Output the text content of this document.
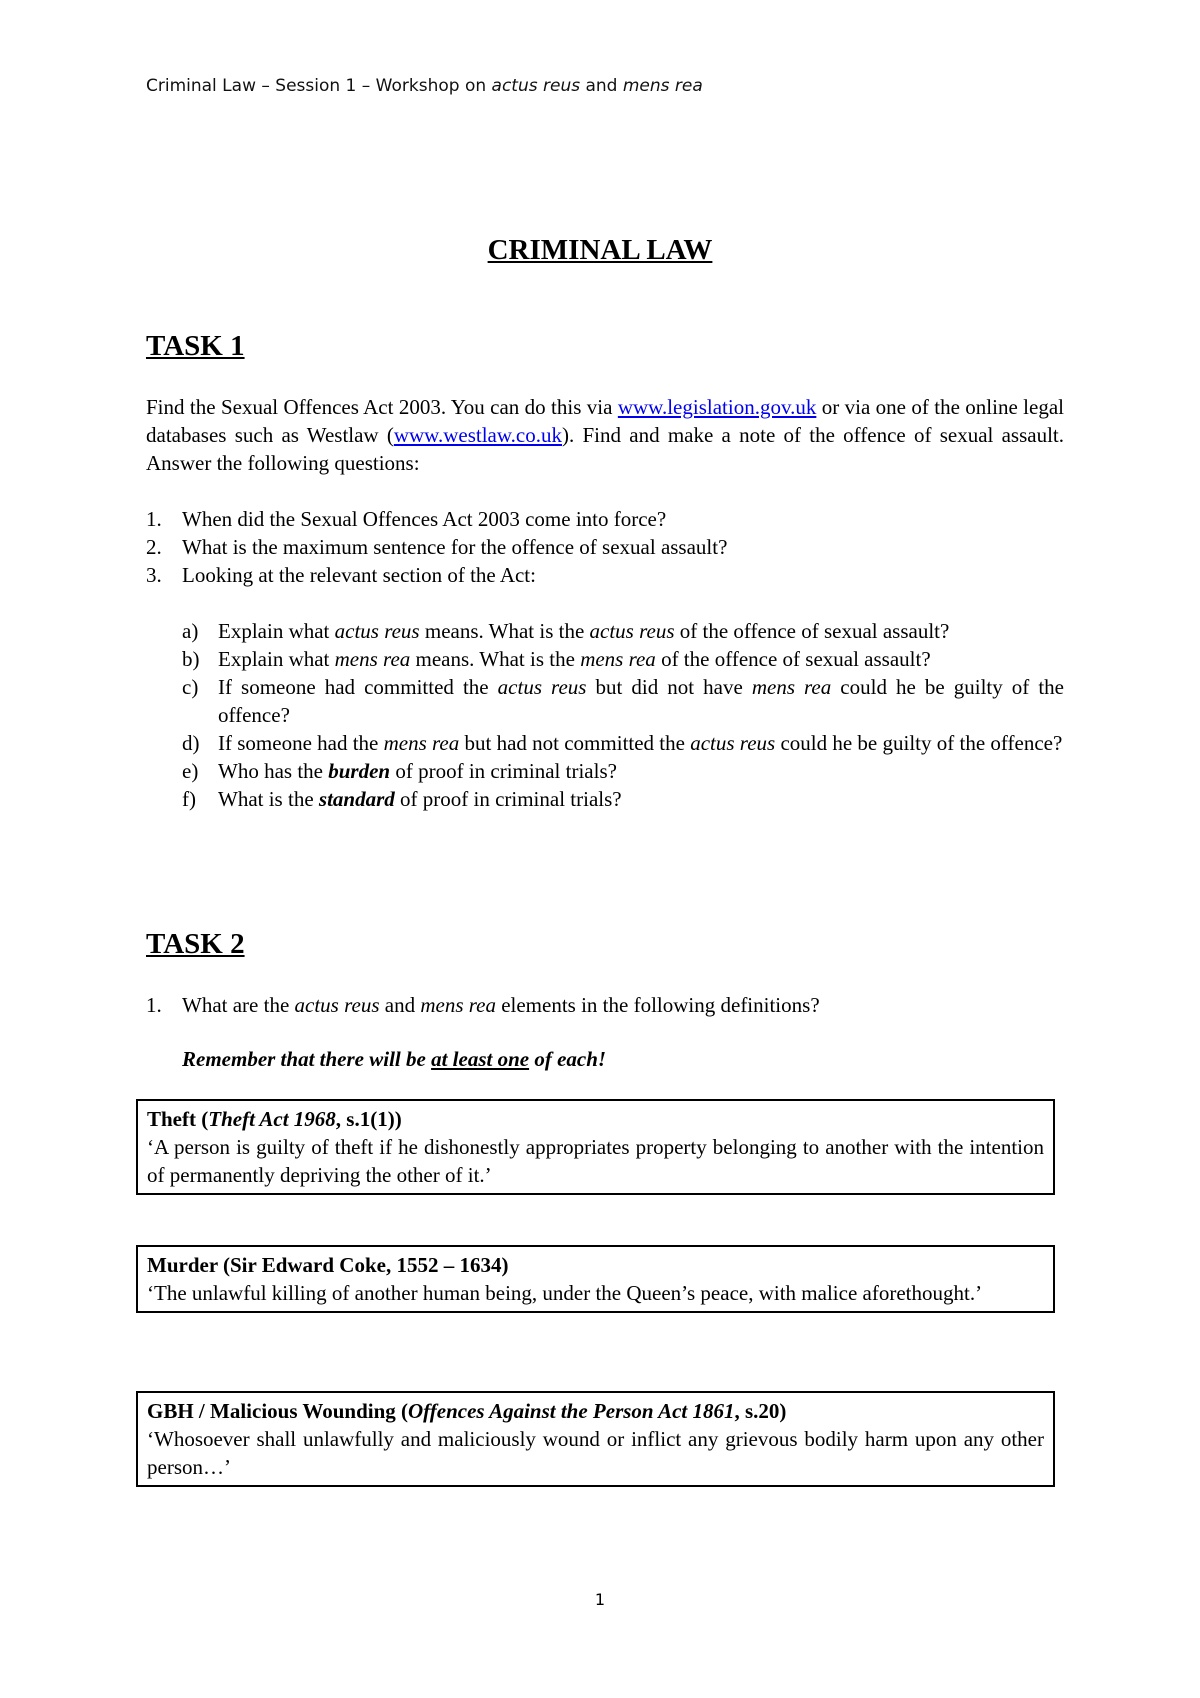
Criminal Law – Session 1 – Workshop on actus reus and mens rea
CRIMINAL LAW
TASK 1
Find the Sexual Offences Act 2003. You can do this via www.legislation.gov.uk or via one of the online legal databases such as Westlaw (www.westlaw.co.uk). Find and make a note of the offence of sexual assault. Answer the following questions:
1. When did the Sexual Offences Act 2003 come into force?
2. What is the maximum sentence for the offence of sexual assault?
3. Looking at the relevant section of the Act:
a) Explain what actus reus means. What is the actus reus of the offence of sexual assault?
b) Explain what mens rea means. What is the mens rea of the offence of sexual assault?
c) If someone had committed the actus reus but did not have mens rea could he be guilty of the offence?
d) If someone had the mens rea but had not committed the actus reus could he be guilty of the offence?
e) Who has the burden of proof in criminal trials?
f)	What is the standard of proof in criminal trials?
TASK 2
1. What are the actus reus and mens rea elements in the following definitions?
Remember that there will be at least one of each!
Theft (Theft Act 1968, s.1(1))
‘A person is guilty of theft if he dishonestly appropriates property belonging to another with the intention of permanently depriving the other of it.’
Murder (Sir Edward Coke, 1552 – 1634)
‘The unlawful killing of another human being, under the Queen’s peace, with malice aforethought.’
GBH / Malicious Wounding (Offences Against the Person Act 1861, s.20)
‘Whosoever shall unlawfully and maliciously wound or inflict any grievous bodily harm upon any other person…’
1
